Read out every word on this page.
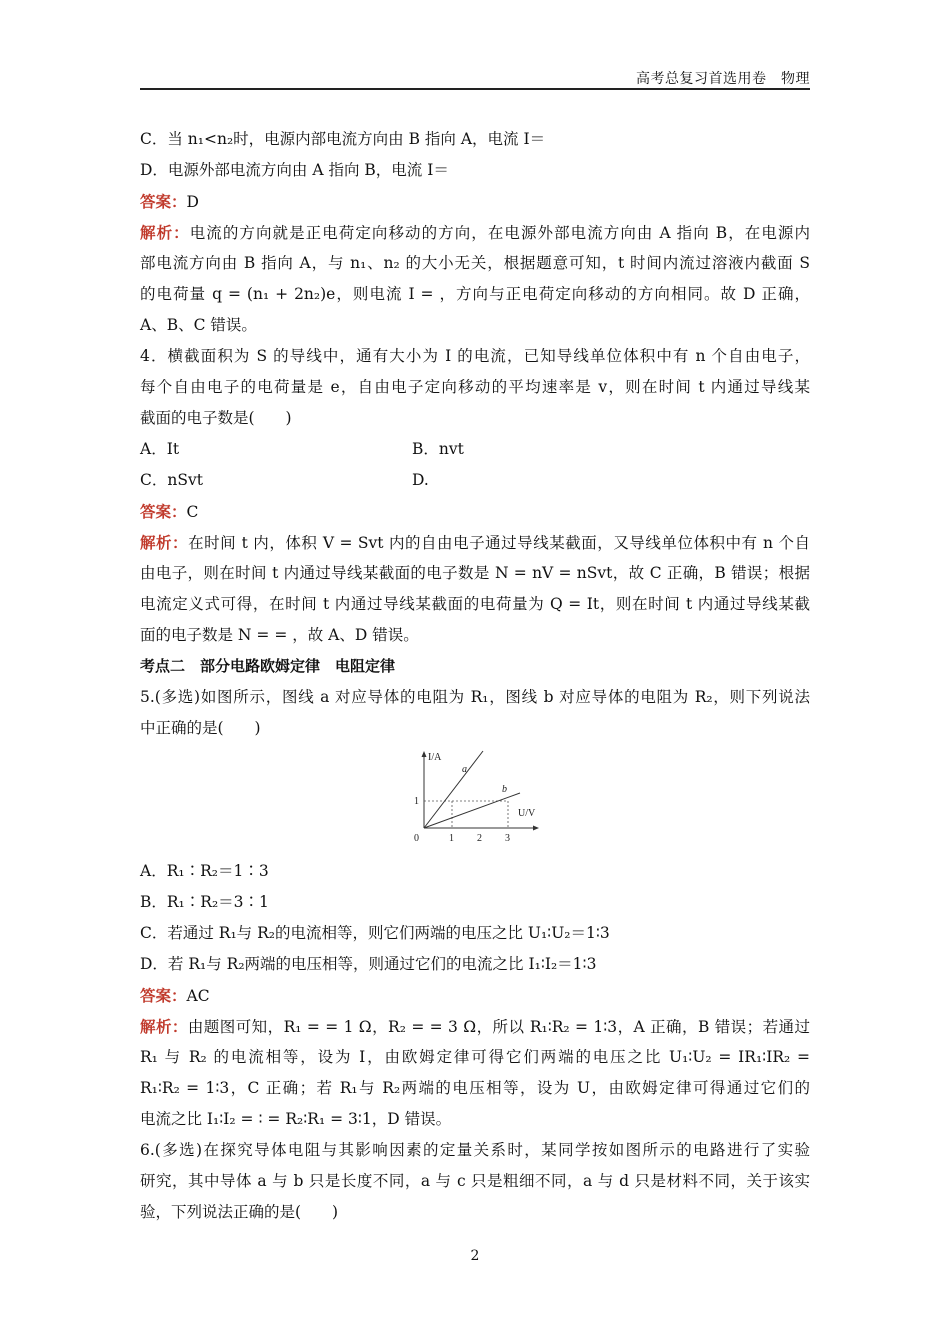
高考总复习首选用卷　物理
C．当 n₁<n₂时，电源内部电流方向由 B 指向 A，电流 I＝
D．电源外部电流方向由 A 指向 B，电流 I＝
答案：D
解析：电流的方向就是正电荷定向移动的方向，在电源外部电流方向由 A 指向 B，在电源内
部电流方向由 B 指向 A，与 n₁、n₂ 的大小无关，根据题意可知，t 时间内流过溶液内截面 S
的电荷量 q = (n₁ + 2n₂)e，则电流 I = ，方向与正电荷定向移动的方向相同。故 D 正确，
A、B、C 错误。
4．横截面积为 S 的导线中，通有大小为 I 的电流，已知导线单位体积中有 n 个自由电子，
每个自由电子的电荷量是 e，自由电子定向移动的平均速率是 v，则在时间 t 内通过导线某
截面的电子数是(　　)
A．It	B．nvt
C．nSvt	D.
答案：C
解析：在时间 t 内，体积 V = Svt 内的自由电子通过导线某截面，又导线单位体积中有 n 个自
由电子，则在时间 t 内通过导线某截面的电子数是 N = nV = nSvt，故 C 正确，B 错误；根据
电流定义式可得，在时间 t 内通过导线某截面的电荷量为 Q = It，则在时间 t 内通过导线某截
面的电子数是 N = = ，故 A、D 错误。
考点二　部分电路欧姆定律　电阻定律
5.(多选)如图所示，图线 a 对应导体的电阻为 R₁，图线 b 对应导体的电阻为 R₂，则下列说法
中正确的是(　　)
I/A
U/V
a
b
0
1
1 2 3
A．R₁∶R₂＝1∶3
B．R₁∶R₂＝3∶1
C．若通过 R₁与 R₂的电流相等，则它们两端的电压之比 U₁∶U₂＝1∶3
D．若 R₁与 R₂两端的电压相等，则通过它们的电流之比 I₁∶I₂＝1∶3
答案：AC
解析：由题图可知，R₁ = = 1 Ω，R₂ = = 3 Ω，所以 R₁∶R₂ = 1∶3，A 正确，B 错误；若通过
R₁ 与 R₂ 的电流相等，设为 I，由欧姆定律可得它们两端的电压之比 U₁∶U₂ = IR₁∶IR₂ =
R₁∶R₂ = 1∶3，C 正确；若 R₁与 R₂两端的电压相等，设为 U，由欧姆定律可得通过它们的
电流之比 I₁∶I₂ = ∶ = R₂∶R₁ = 3∶1，D 错误。
6.(多选)在探究导体电阻与其影响因素的定量关系时，某同学按如图所示的电路进行了实验
研究，其中导体 a 与 b 只是长度不同，a 与 c 只是粗细不同，a 与 d 只是材料不同，关于该实
验，下列说法正确的是(　　)
2
